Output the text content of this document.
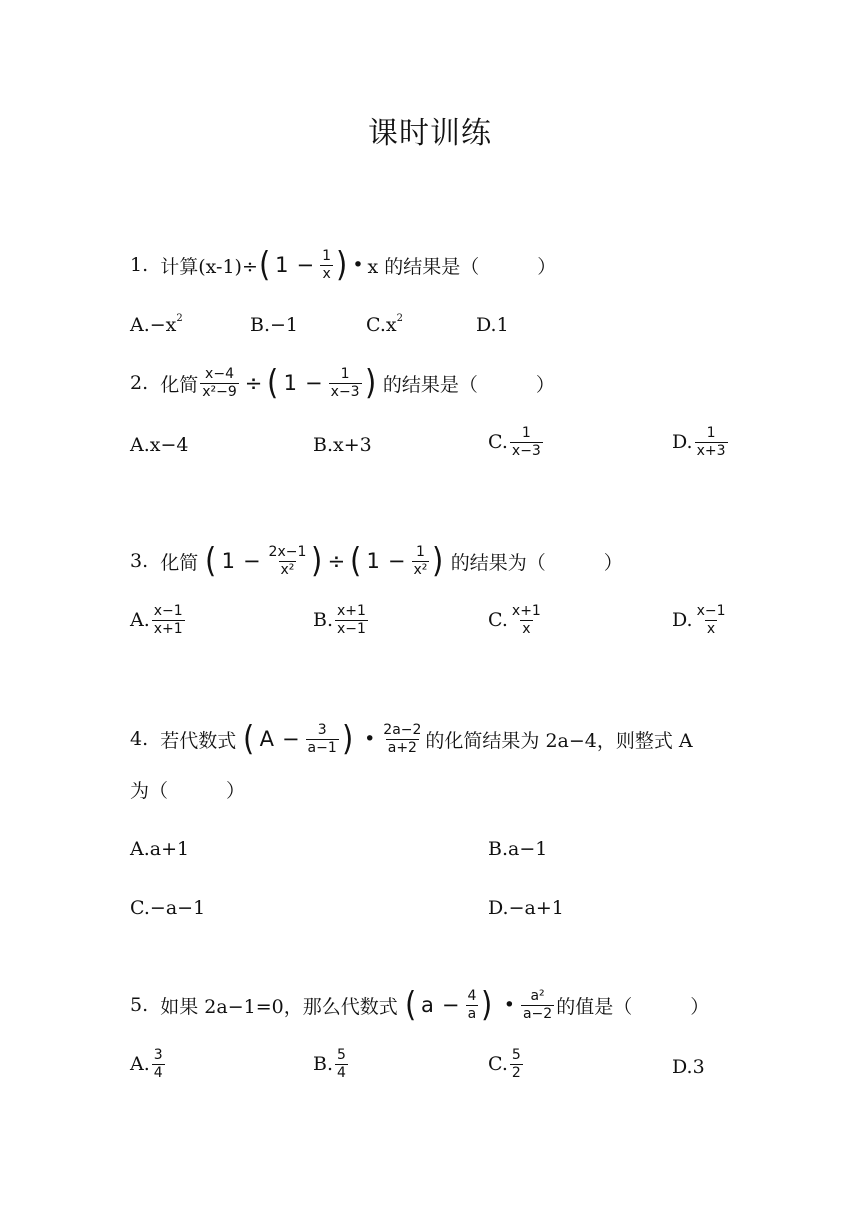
课时训练
1.
计算(x-1)÷ ( $1 - \frac{1}{x}$ ) • x 的结果是（	）
A.−x 2	B.−1	C.x 2	D.1
2.
化简 $\frac{x-4}{\text{x²−9}}$ ÷ ( $1 - \frac{1}{x-3}$ )
的结果是（	）
A.x−4	B.x+3	C. $\frac{1}{x-3}$	D. $\frac{1}{x+3}$
3.
化简
( $1 - \frac{2x-1}{\text{x²}}$ ) ÷ ( $1 - \frac{1}{\text{x²}}$ )
的结果为（	）
A. $\frac{x-1}{x+1}$	B. $\frac{x+1}{x-1}$	C. $\frac{x+1}{x}$	D. $\frac{x-1}{x}$
4.
若代数式
( $A - \frac{3}{a-1}$ )
• $\frac{2a-2}{a+2}$ 的化简结果为 2a−4，则整式 A
为（	）
A.a+1	B.a−1
C.−a−1	D.−a+1
5.
如果 2a−1=0，那么代数式
( $a - \frac{4}{a}$ )
• $\frac{\text{a²}}{a-2}$ 的值是（	）
A. $\frac{3}{4}$	B. $\frac{5}{4}$	C. $\frac{5}{2}$	D.3
